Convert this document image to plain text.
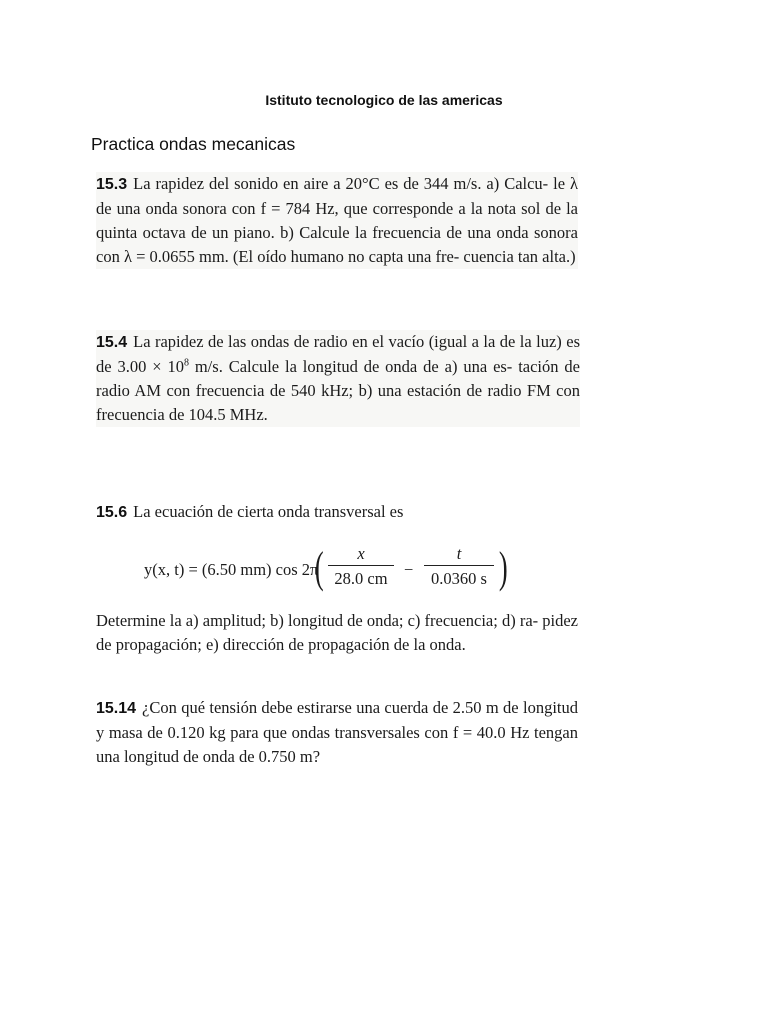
Istituto tecnologico de las americas
Practica ondas mecanicas
15.3 La rapidez del sonido en aire a 20°C es de 344 m/s. a) Calcu- le λ de una onda sonora con f = 784 Hz, que corresponde a la nota sol de la quinta octava de un piano. b) Calcule la frecuencia de una onda sonora con λ = 0.0655 mm. (El oído humano no capta una fre- cuencia tan alta.)
15.4 La rapidez de las ondas de radio en el vacío (igual a la de la luz) es de $3.00 \times 10^8$ m/s. Calcule la longitud de onda de a) una es- tación de radio AM con frecuencia de 540 kHz; b) una estación de radio FM con frecuencia de 104.5 MHz.
15.6 La ecuación de cierta onda transversal es
y(x, t) = (6.50 mm) cos 2π
( $\frac{x}{28.0 cm} - \frac{t}{0.0360 s}$ )
Determine la a) amplitud; b) longitud de onda; c) frecuencia; d) ra- pidez de propagación; e) dirección de propagación de la onda.
15.14 ¿Con qué tensión debe estirarse una cuerda de 2.50 m de longitud y masa de 0.120 kg para que ondas transversales con f = 40.0 Hz tengan una longitud de onda de 0.750 m?
